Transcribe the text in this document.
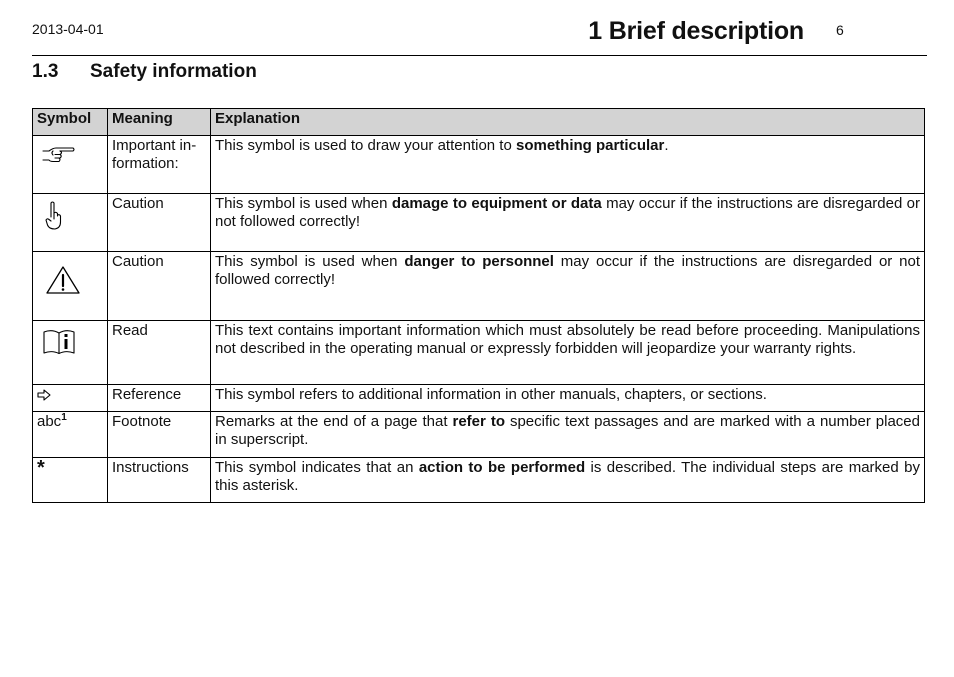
2013-04-01	1 Brief description 6
1.3 Safety information
Symbol	Meaning	Explanation

	Important information:	This symbol is used to draw your attention to something particular.

	Caution	This symbol is used when damage to equipment or data may occur if the instructions are disregarded or not followed correctly!

	Caution	This symbol is used when danger to personnel may occur if the instructions are disregarded or not followed correctly!

	Read	This text contains important information which must absolutely be read before proceeding. Manipulations not described in the operating manual or expressly forbidden will jeopardize your warranty rights.

	Reference	This symbol refers to additional information in other manuals, chapters, or sections.
abc$^1$	Footnote	Remarks at the end of a page that refer to specific text passages and are marked with a number placed in superscript.
*	Instructions	This symbol indicates that an action to be performed is described. The individual steps are marked by this asterisk.
